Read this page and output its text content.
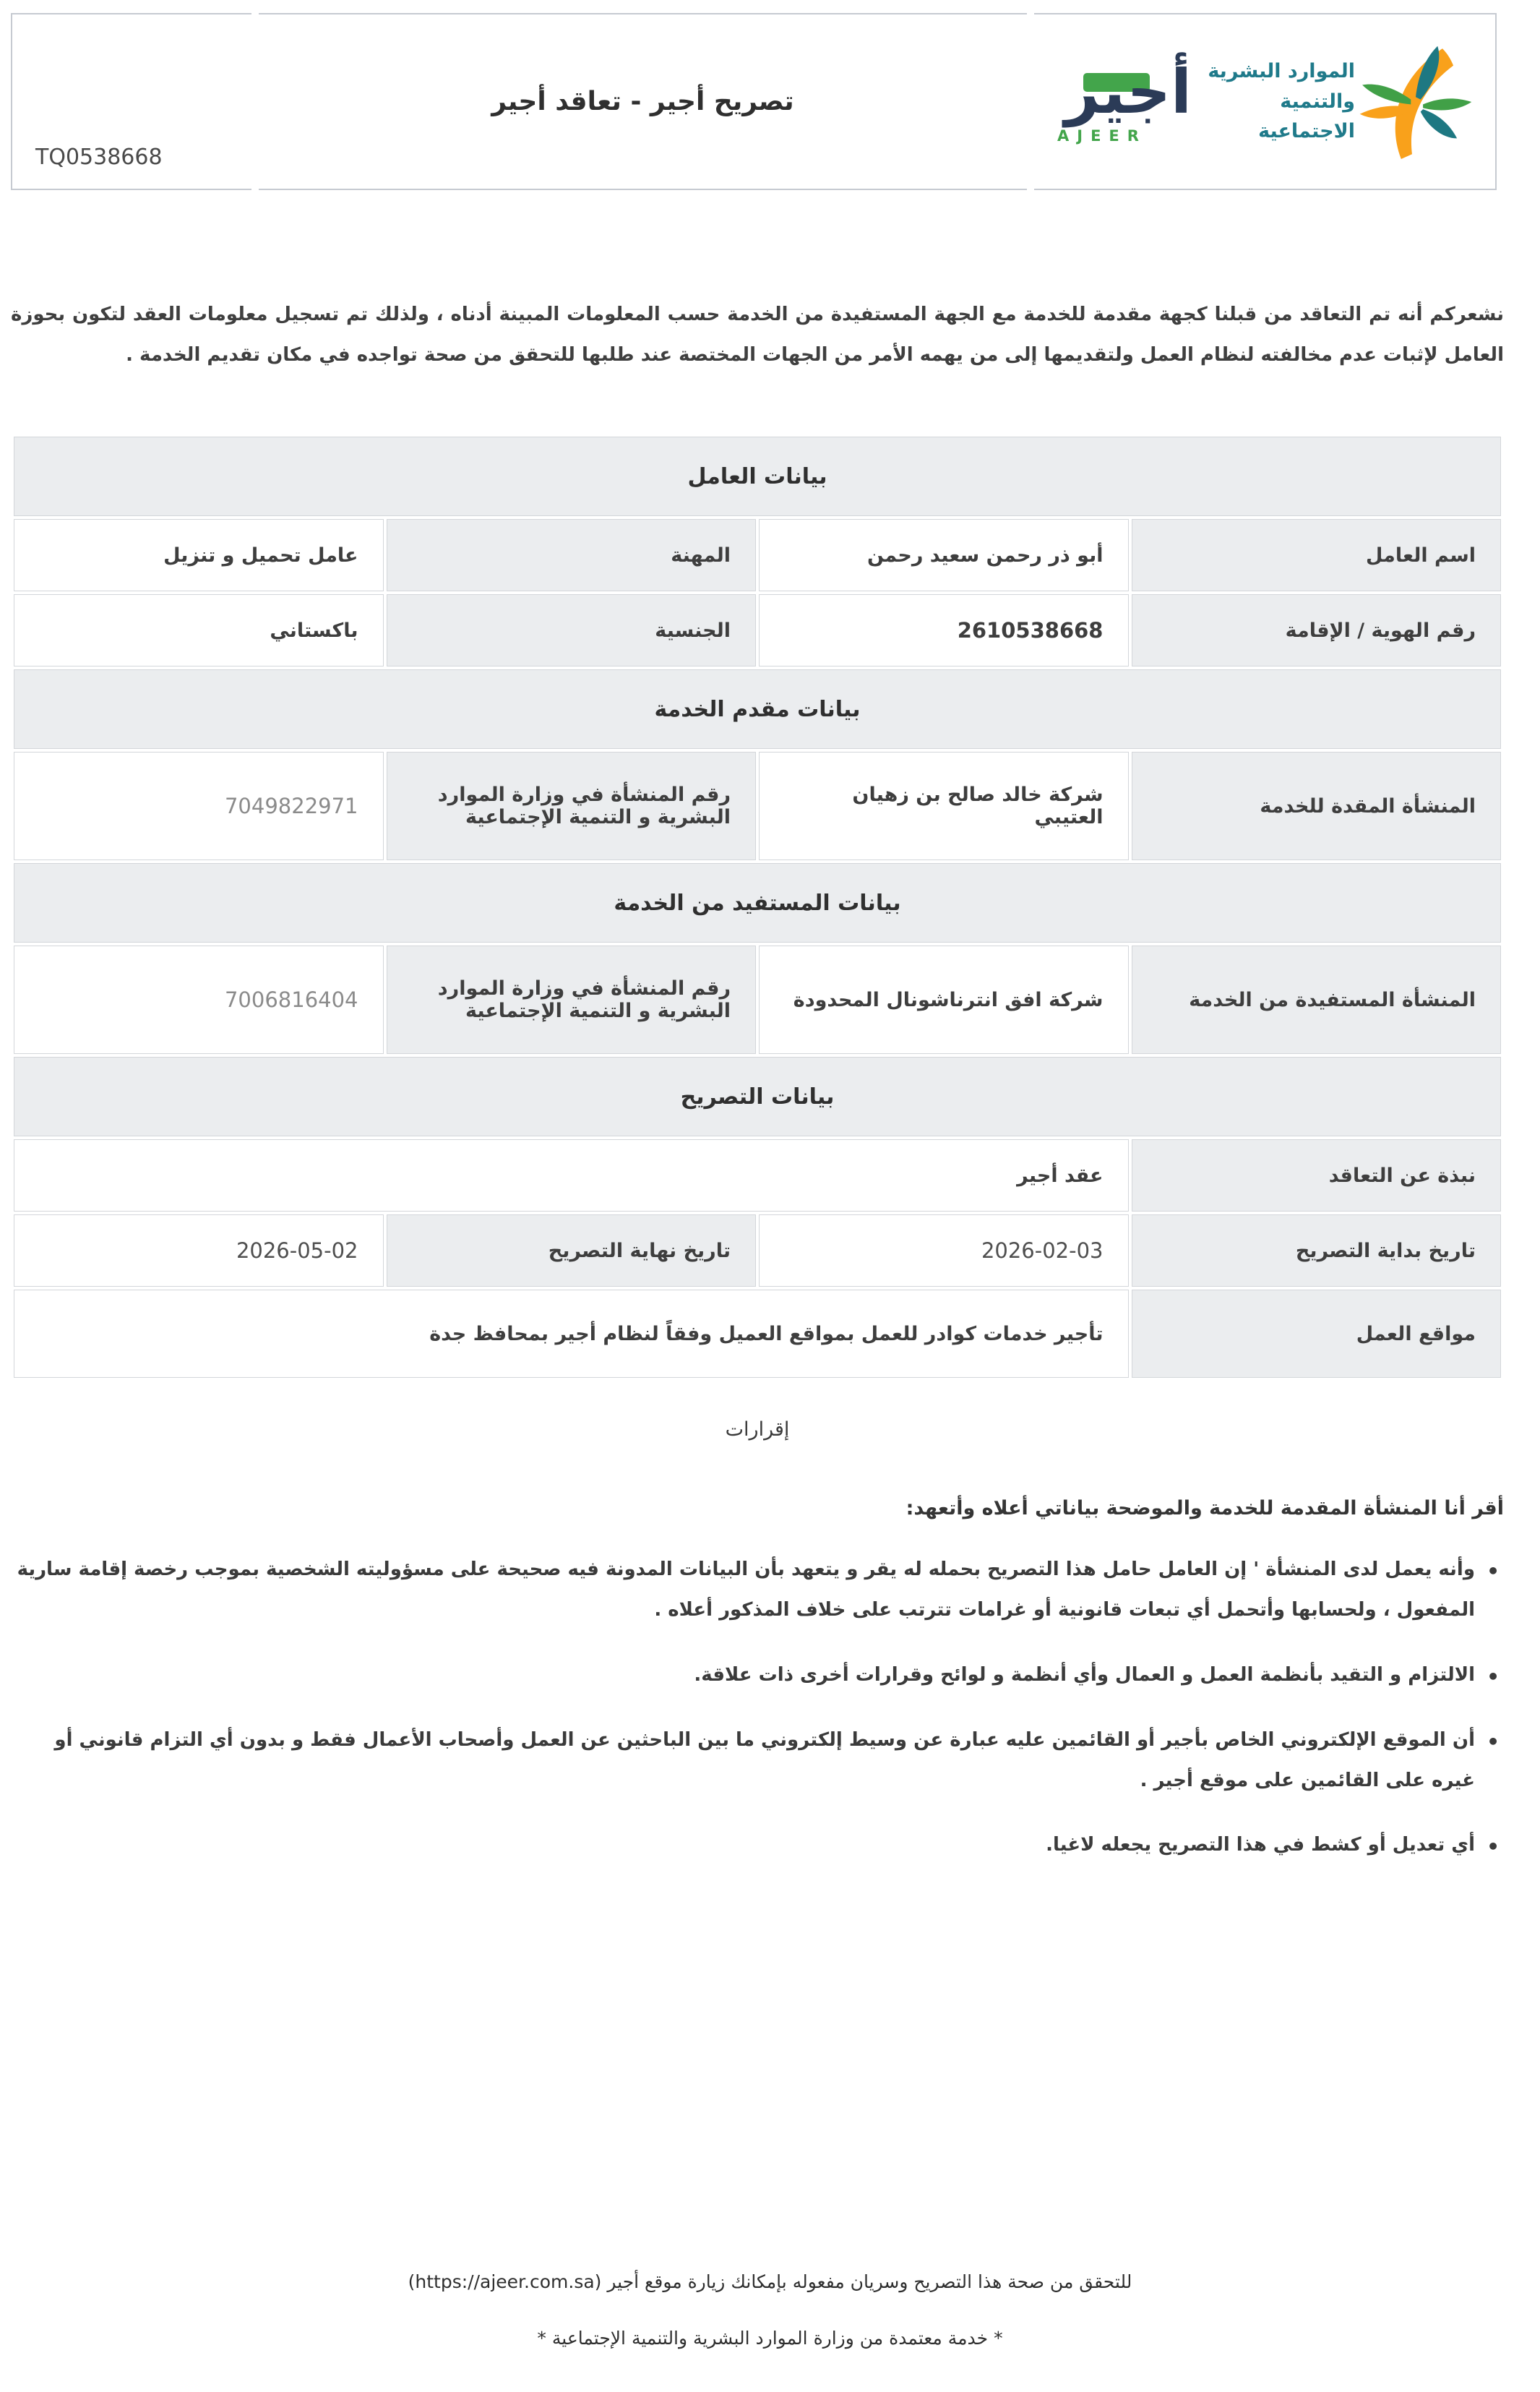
TQ0538668
تصريح أجير - تعاقد أجير	أجير
AJEER
الموارد البشرية
والتنمية الاجتماعية

نشعركم أنه تم التعاقد من قبلنا كجهة مقدمة للخدمة مع الجهة المستفيدة من الخدمة حسب المعلومات المبينة أدناه ، ولذلك تم تسجيل معلومات العقد لتكون بحوزة العامل لإثبات عدم مخالفته لنظام العمل ولتقديمها إلى من يهمه الأمر من الجهات المختصة عند طلبها للتحقق من صحة تواجده في مكان تقديم الخدمة .

بيانات العامل			
اسم العامل	أبو ذر رحمن سعيد رحمن	المهنة	عامل تحميل و تنزيل
رقم الهوية / الإقامة	2610538668	الجنسية	باكستاني
بيانات مقدم الخدمة			
المنشأة المقدة للخدمة	شركة خالد صالح بن زهيان العتيبي	رقم المنشأة في وزارة الموارد البشرية و التنمية الإجتماعية	7049822971
بيانات المستفيد من الخدمة			
المنشأة المستفيدة من الخدمة	شركة افق انترناشونال المحدودة	رقم المنشأة في وزارة الموارد البشرية و التنمية الإجتماعية	7006816404
بيانات التصريح			
نبذة عن التعاقد	عقد أجير		
تاريخ بداية التصريح	2026-02-03	تاريخ نهاية التصريح	2026-05-02
مواقع العمل	تأجير خدمات كوادر للعمل بمواقع العميل وفقاً لنظام أجير بمحافظ جدة		
إقرارات
أقر أنا المنشأة المقدمة للخدمة والموضحة بياناتي أعلاه وأتعهد:
• وأنه يعمل لدى المنشأة ' إن العامل حامل هذا التصريح بحمله له يقر و يتعهد بأن البيانات المدونة فيه صحيحة على مسؤوليته الشخصية بموجب رخصة إقامة سارية المفعول ، ولحسابها وأتحمل أي تبعات قانونية أو غرامات تترتب على خلاف المذكور أعلاه .
• الالتزام و التقيد بأنظمة العمل و العمال وأي أنظمة و لوائح وقرارات أخرى ذات علاقة.
• أن الموقع الإلكتروني الخاص بأجير أو القائمين عليه عبارة عن وسيط إلكتروني ما بين الباحثين عن العمل وأصحاب الأعمال فقط و بدون أي التزام قانوني أو غيره على القائمين على موقع أجير .
• أي تعديل أو كشط في هذا التصريح يجعله لاغيا.
للتحقق من صحة هذا التصريح وسريان مفعوله بإمكانك زيارة موقع أجير (https://ajeer.com.sa)
* خدمة معتمدة من وزارة الموارد البشرية والتنمية الإجتماعية *
